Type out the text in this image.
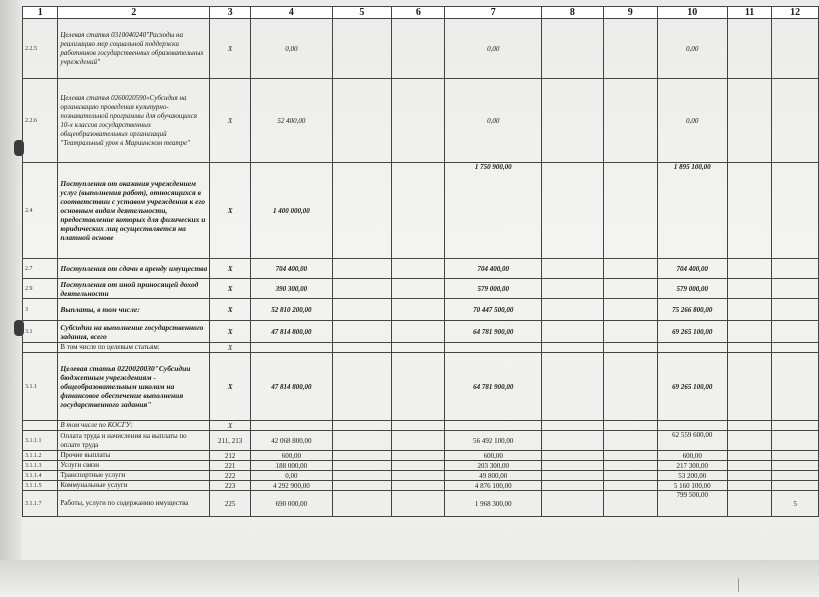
1	2	3	4	5	6	7	8	9	10	11	12
2.2.5	Целевая статья 0310040240"Расходы на реализацию мер социальной поддержки работников государственных образовательных учреждений"	Х	0,00			0,00			0,00		
2.2.6	Целевая статья 0260020590«Субсидия на организацию проведения культурно-познавательной программы для обучающихся 10-х классов государственных общеобразовательных организаций "Театральный урок в Мариинском театре"	Х	52 400,00			0,00			0,00		
2.4	Поступления от оказания учреждением услуг (выполнения работ), относящихся в соответствии с уставом учреждения к его основным видам деятельности, предоставление которых для физических и юридических лиц осуществляется на платной основе	Х	1 400 000,00			1 750 900,00			1 895 100,00		
2.7	Поступления от сдачи в аренду имущества	Х	704 400,00			704 400,00			704 400,00		
2.9	Поступления от иной приносящей доход деятельности	Х	390 300,00			579 000,00			579 000,00		
3	Выплаты, в том числе:	Х	52 810 200,00			70 447 500,00			75 266 800,00		
3.1	Субсидии на выполнение государственного задания, всего	Х	47 814 800,00			64 781 900,00			69 265 100,00		
	В том числе по целевым статьям:	Х									
3.1.1	Целевая статья 0220020030"Субсидии бюджетным учреждениям - общеобразовательным школам на финансовое обеспечение выполнения государственного задания"	Х	47 814 800,00			64 781 900,00			69 265 100,00		
	В том числе по КОСГУ:	Х									
3.1.1.1	Оплата труда и начисления на выплаты по оплате труда	211, 213	42 068 800,00			56 492 100,00			62 559 600,00		
3.1.1.2	Прочие выплаты	212	600,00			600,00			600,00		
3.1.1.3	Услуги связи	221	188 000,00			203 300,00			217 300,00		
3.1.1.4	Транспортные услуги	222	0,00			49 800,00			53 200,00		
3.1.1.5	Коммунальные услуги	223	4 292 900,00			4 876 100,00			5 160 100,00		
3.1.1.7	Работы, услуги по содержанию имущества	225	690 000,00			1 968 300,00			799 500,00		5
